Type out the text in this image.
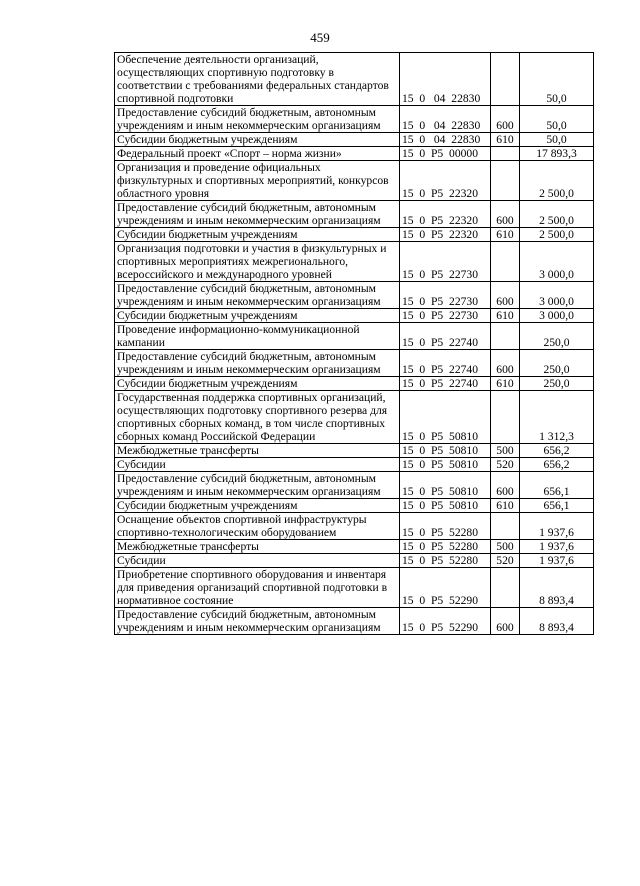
459
Обеспечение деятельности организаций, осуществляющих спортивную подготовку в соответствии с требованиями федеральных стандартов спортивной подготовки	15  0   04  22830		50,0
Предоставление субсидий бюджетным, автономным учреждениям и иным некоммерческим организациям	15  0   04  22830	600	50,0
Субсидии бюджетным учреждениям	15  0   04  22830	610	50,0
Федеральный проект «Спорт – норма жизни»	15  0  P5  00000		17 893,3
Организация и проведение официальных физкультурных и спортивных мероприятий, конкурсов областного уровня	15  0  P5  22320		2 500,0
Предоставление субсидий бюджетным, автономным учреждениям и иным некоммерческим организациям	15  0  P5  22320	600	2 500,0
Субсидии бюджетным учреждениям	15  0  P5  22320	610	2 500,0
Организация подготовки и участия в физкультурных и спортивных мероприятиях межрегионального, всероссийского и международного уровней	15  0  P5  22730		3 000,0
Предоставление субсидий бюджетным, автономным учреждениям и иным некоммерческим организациям	15  0  P5  22730	600	3 000,0
Субсидии бюджетным учреждениям	15  0  P5  22730	610	3 000,0
Проведение информационно-коммуникационной кампании	15  0  P5  22740		250,0
Предоставление субсидий бюджетным, автономным учреждениям и иным некоммерческим организациям	15  0  P5  22740	600	250,0
Субсидии бюджетным учреждениям	15  0  P5  22740	610	250,0
Государственная поддержка спортивных организаций, осуществляющих подготовку спортивного резерва для спортивных сборных команд, в том числе спортивных сборных команд Российской Федерации	15  0  P5  50810		1 312,3
Межбюджетные трансферты	15  0  P5  50810	500	656,2
Субсидии	15  0  P5  50810	520	656,2
Предоставление субсидий бюджетным, автономным учреждениям и иным некоммерческим организациям	15  0  P5  50810	600	656,1
Субсидии бюджетным учреждениям	15  0  P5  50810	610	656,1
Оснащение объектов спортивной инфраструктуры спортивно-технологическим оборудованием	15  0  P5  52280		1 937,6
Межбюджетные трансферты	15  0  P5  52280	500	1 937,6
Субсидии	15  0  P5  52280	520	1 937,6
Приобретение спортивного оборудования и инвентаря для приведения организаций спортивной подготовки в нормативное состояние	15  0  P5  52290		8 893,4
Предоставление субсидий бюджетным, автономным учреждениям и иным некоммерческим организациям	15  0  P5  52290	600	8 893,4
